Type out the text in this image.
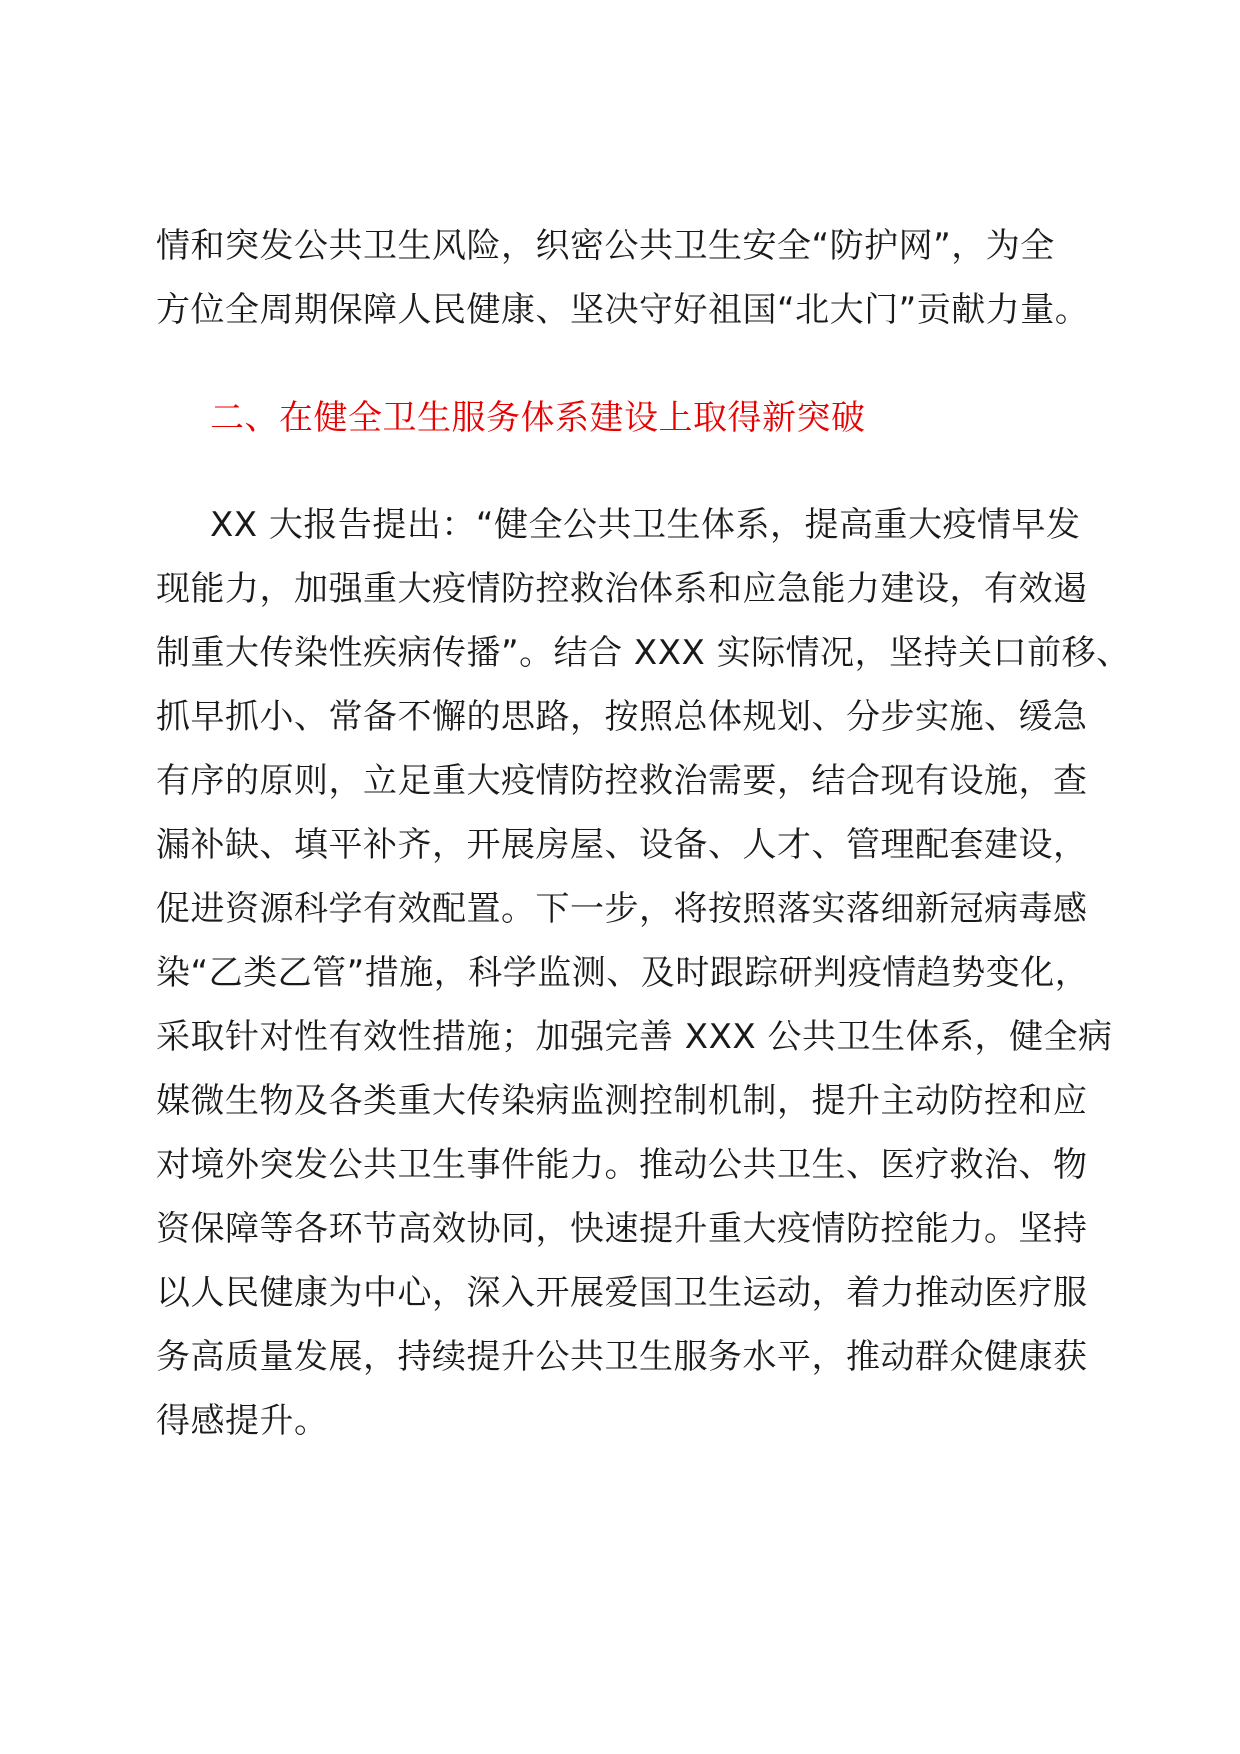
情和突发公共卫生风险，织密公共卫生安全“防护网”，为全
方位全周期保障人民健康、坚决守好祖国“北大门”贡献力量。
二、在健全卫生服务体系建设上取得新突破
XX 大报告提出：“健全公共卫生体系，提高重大疫情早发
现能力，加强重大疫情防控救治体系和应急能力建设，有效遏
制重大传染性疾病传播”。结合 XXX 实际情况，坚持关口前移、
抓早抓小、常备不懈的思路，按照总体规划、分步实施、缓急
有序的原则，立足重大疫情防控救治需要，结合现有设施，查
漏补缺、填平补齐，开展房屋、设备、人才、管理配套建设，
促进资源科学有效配置。下一步，将按照落实落细新冠病毒感
染“乙类乙管”措施，科学监测、及时跟踪研判疫情趋势变化，
采取针对性有效性措施；加强完善 XXX 公共卫生体系，健全病
媒微生物及各类重大传染病监测控制机制，提升主动防控和应
对境外突发公共卫生事件能力。推动公共卫生、医疗救治、物
资保障等各环节高效协同，快速提升重大疫情防控能力。坚持
以人民健康为中心，深入开展爱国卫生运动，着力推动医疗服
务高质量发展，持续提升公共卫生服务水平，推动群众健康获
得感提升。
